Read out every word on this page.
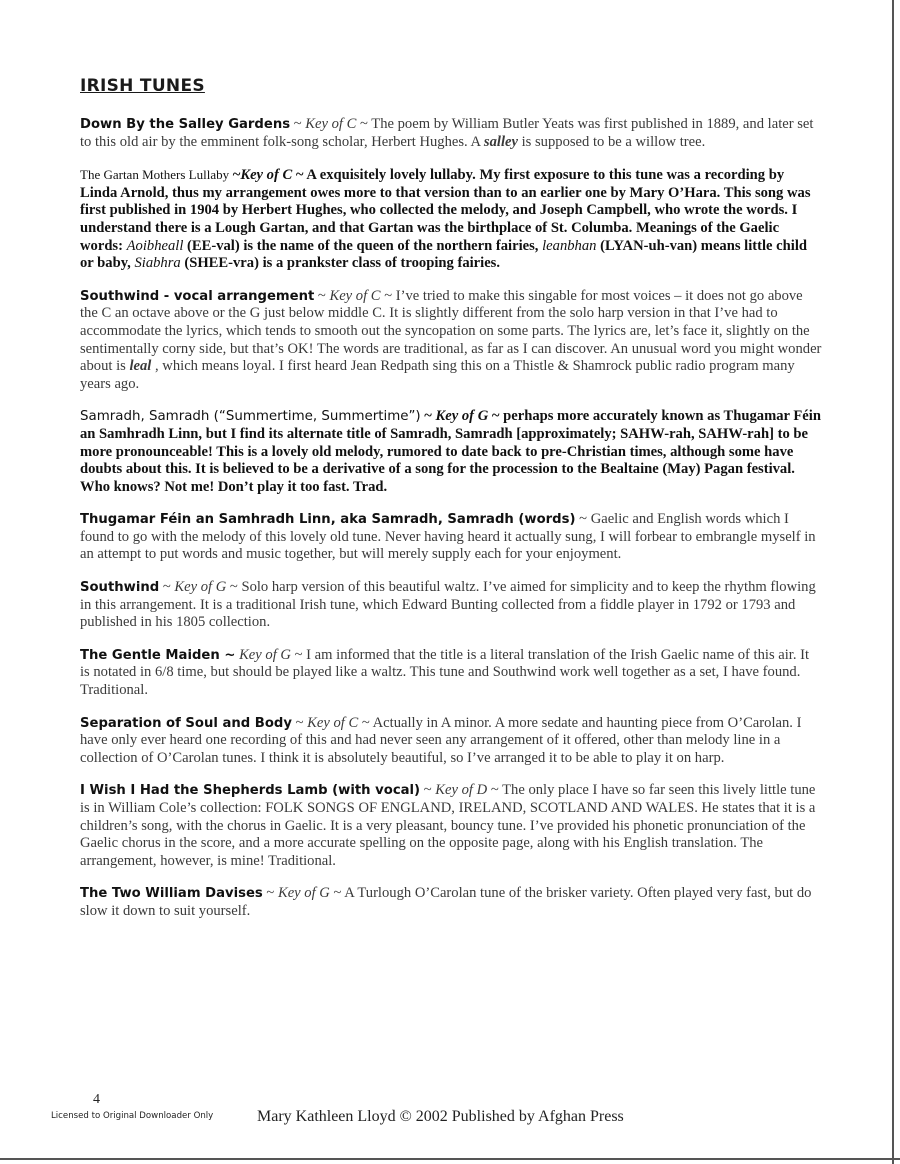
IRISH TUNES

Down By the Salley Gardens ~ Key of C ~ The poem by William Butler Yeats was first published in 1889, and later set to this old air by the emminent folk-song scholar, Herbert Hughes. A salley is supposed to be a willow tree.

The Gartan Mothers Lullaby ~Key of C ~ A exquisitely lovely lullaby. My first exposure to this tune was a recording by Linda Arnold, thus my arrangement owes more to that version than to an earlier one by Mary O’Hara. This song was first published in 1904 by Herbert Hughes, who collected the melody, and Joseph Campbell, who wrote the words. I understand there is a Lough Gartan, and that Gartan was the birthplace of St. Columba. Meanings of the Gaelic words: Aoibheall (EE-val) is the name of the queen of the northern fairies, leanbhan (LYAN-uh-van) means little child or baby, Siabhra (SHEE-vra) is a prankster class of trooping fairies.

Southwind - vocal arrangement ~ Key of C ~ I’ve tried to make this singable for most voices – it does not go above the C an octave above or the G just below middle C. It is slightly different from the solo harp version in that I’ve had to accommodate the lyrics, which tends to smooth out the syncopation on some parts. The lyrics are, let’s face it, slightly on the sentimentally corny side, but that’s OK! The words are traditional, as far as I can discover. An unusual word you might wonder about is leal , which means loyal. I first heard Jean Redpath sing this on a Thistle & Shamrock public radio program many years ago.

Samradh, Samradh (“Summertime, Summertime”) ~ Key of G ~ perhaps more accurately known as Thugamar Féin an Samhradh Linn, but I find its alternate title of Samradh, Samradh [approximately; SAHW-rah, SAHW-rah] to be more pronounceable! This is a lovely old melody, rumored to date back to pre-Christian times, although some have doubts about this. It is believed to be a derivative of a song for the procession to the Bealtaine (May) Pagan festival. Who knows? Not me! Don’t play it too fast. Trad.

Thugamar Féin an Samhradh Linn, aka Samradh, Samradh (words) ~ Gaelic and English words which I found to go with the melody of this lovely old tune. Never having heard it actually sung, I will forbear to embrangle myself in an attempt to put words and music together, but will merely supply each for your enjoyment.

Southwind ~ Key of G ~ Solo harp version of this beautiful waltz. I’ve aimed for simplicity and to keep the rhythm flowing in this arrangement. It is a traditional Irish tune, which Edward Bunting collected from a fiddle player in 1792 or 1793 and published in his 1805 collection.

The Gentle Maiden ~ Key of G ~ I am informed that the title is a literal translation of the Irish Gaelic name of this air. It is notated in 6/8 time, but should be played like a waltz. This tune and Southwind work well together as a set, I have found. Traditional.

Separation of Soul and Body ~ Key of C ~ Actually in A minor. A more sedate and haunting piece from O’Carolan. I have only ever heard one recording of this and had never seen any arrangement of it offered, other than melody line in a collection of O’Carolan tunes. I think it is absolutely beautiful, so I’ve arranged it to be able to play it on harp.

I Wish I Had the Shepherds Lamb (with vocal) ~ Key of D ~ The only place I have so far seen this lively little tune is in William Cole’s collection: FOLK SONGS OF ENGLAND, IRELAND, SCOTLAND AND WALES. He states that it is a children’s song, with the chorus in Gaelic. It is a very pleasant, bouncy tune. I’ve provided his phonetic pronunciation of the Gaelic chorus in the score, and a more accurate spelling on the opposite page, along with his English translation. The arrangement, however, is mine! Traditional.

The Two William Davises ~ Key of G ~ A Turlough O’Carolan tune of the brisker variety. Often played very fast, but do slow it down to suit yourself.

4
Licensed to Original Downloader Only	Mary Kathleen Lloyd © 2002 Published by Afghan Press
